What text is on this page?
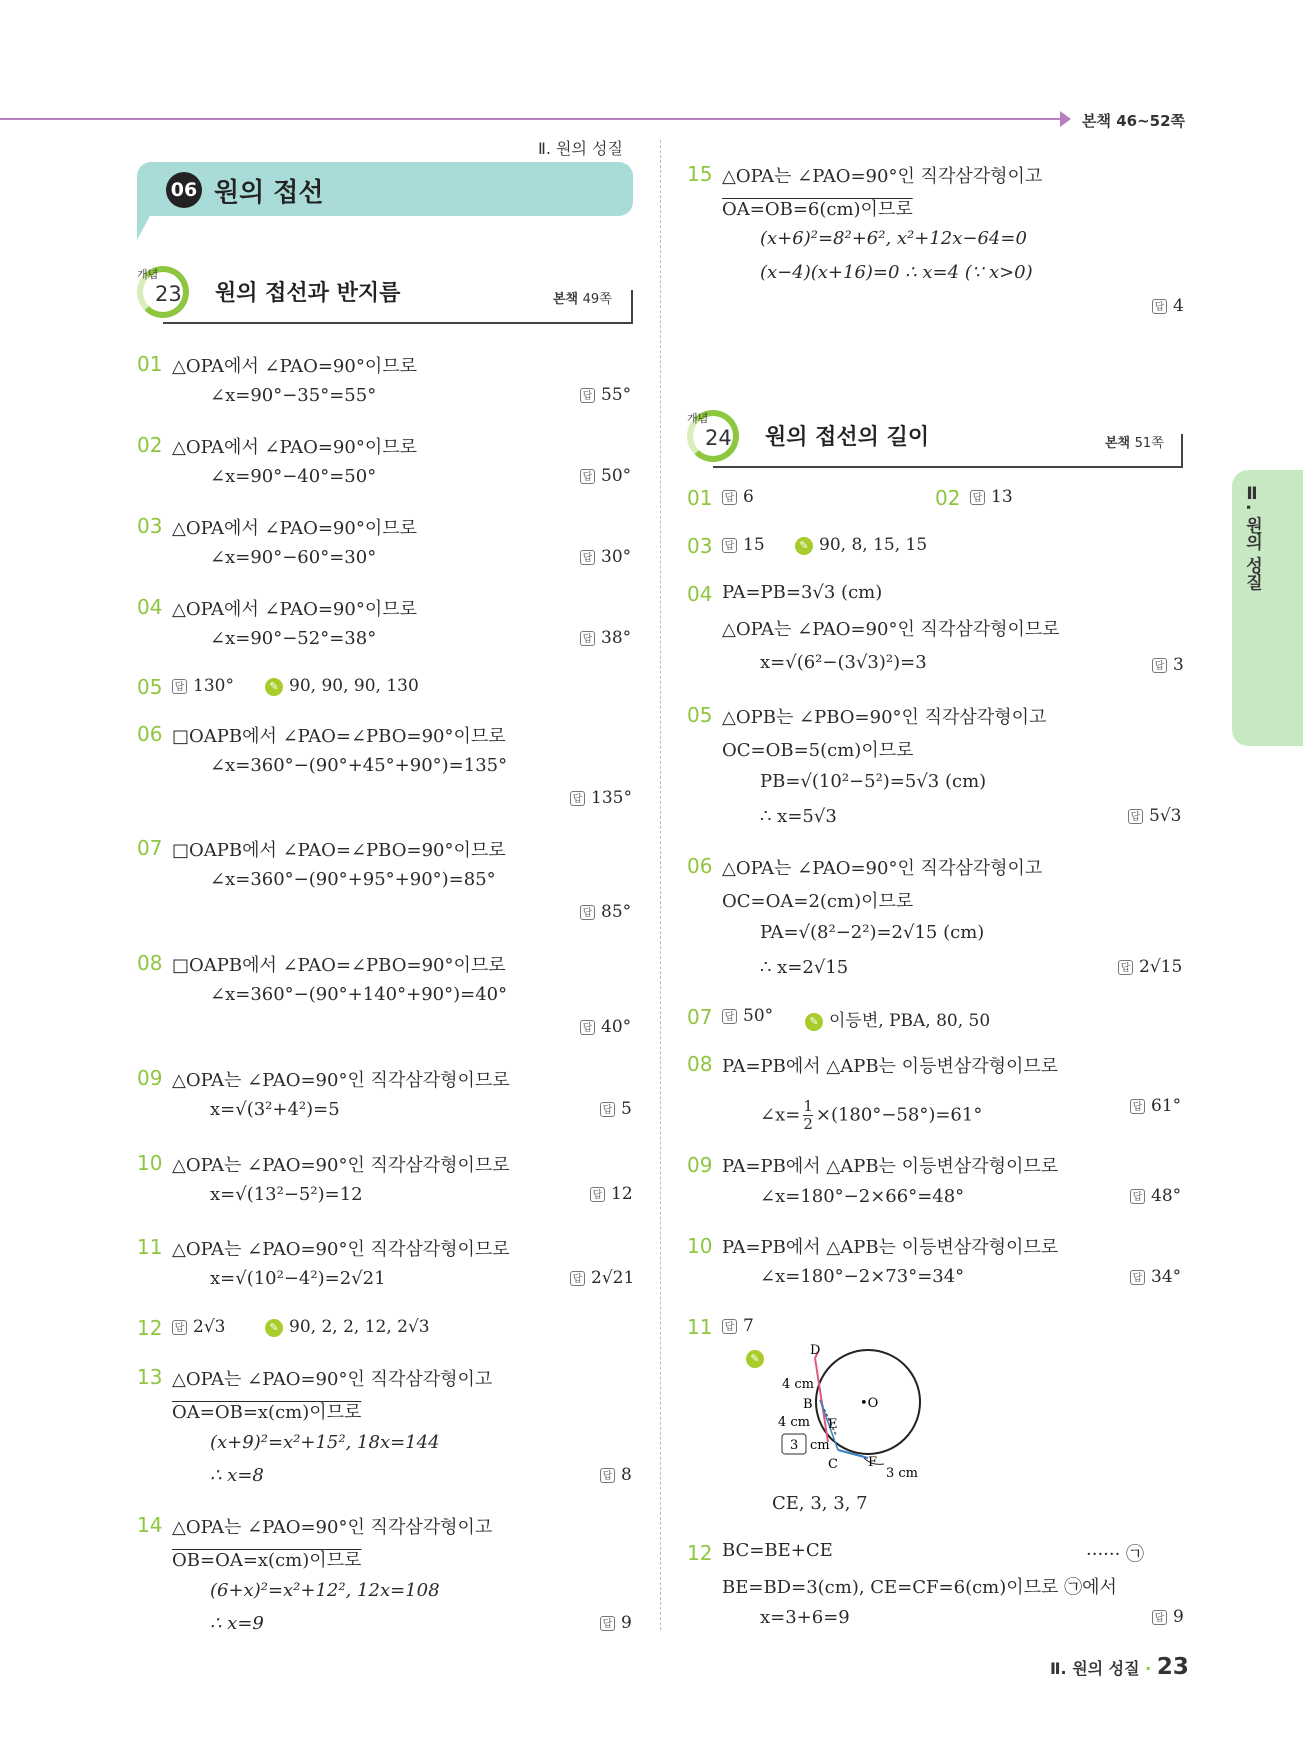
본책 46~52쪽
Ⅱ. 원의 성질
06 원의 접선
개념
23 원의 접선과 반지름	본책 49쪽
01 △OPA에서 ∠PAO=90°이므로
∠x=90°−35°=55°	답 55°
02 △OPA에서 ∠PAO=90°이므로
∠x=90°−40°=50°	답 50°
03 △OPA에서 ∠PAO=90°이므로
∠x=90°−60°=30°	답 30°
04 △OPA에서 ∠PAO=90°이므로
∠x=90°−52°=38°	답 38°
05 답 130°	✎ 90, 90, 90, 130
06 □OAPB에서 ∠PAO=∠PBO=90°이므로
∠x=360°−(90°+45°+90°)=135°
답 135°
07 □OAPB에서 ∠PAO=∠PBO=90°이므로
∠x=360°−(90°+95°+90°)=85°
답 85°
08 □OAPB에서 ∠PAO=∠PBO=90°이므로
∠x=360°−(90°+140°+90°)=40°
답 40°
09 △OPA는 ∠PAO=90°인 직각삼각형이므로
x=√(3²+4²)=5	답 5
10 △OPA는 ∠PAO=90°인 직각삼각형이므로
x=√(13²−5²)=12	답 12
11 △OPA는 ∠PAO=90°인 직각삼각형이므로
x=√(10²−4²)=2√21	답 2√21
12 답 2√3	✎ 90, 2, 2, 12, 2√3
13 △OPA는 ∠PAO=90°인 직각삼각형이고
OA=OB=x(cm)이므로
(x+9)²=x²+15², 18x=144
∴ x=8	답 8
14 △OPA는 ∠PAO=90°인 직각삼각형이고
OB=OA=x(cm)이므로
(6+x)²=x²+12², 12x=108
∴ x=9	답 9
15 △OPA는 ∠PAO=90°인 직각삼각형이고
OA=OB=6(cm)이므로
(x+6)²=8²+6², x²+12x−64=0
(x−4)(x+16)=0 ∴ x=4 (∵ x>0)
답 4
개념
24 원의 접선의 길이	본책 51쪽
01 답 6	02 답 13
03 답 15	✎ 90, 8, 15, 15
04 PA=PB=3√3 (cm)
△OPA는 ∠PAO=90°인 직각삼각형이므로
x=√(6²−(3√3)²)=3	답 3
05 △OPB는 ∠PBO=90°인 직각삼각형이고
OC=OB=5(cm)이므로
PB=√(10²−5²)=5√3 (cm)
∴ x=5√3	답 5√3
06 △OPA는 ∠PAO=90°인 직각삼각형이고
OC=OA=2(cm)이므로
PA=√(8²−2²)=2√15 (cm)
∴ x=2√15	답 2√15
07 답 50°	✎ 이등변, PBA, 80, 50
08 PA=PB에서 △APB는 이등변삼각형이므로
∠x= $\frac{1}{2} \times(180^\circ-58^\circ)=61^\circ$	답 61°
09 PA=PB에서 △APB는 이등변삼각형이므로
∠x=180°−2×66°=48°	답 48°
10 PA=PB에서 △APB는 이등변삼각형이므로
∠x=180°−2×73°=34°	답 34°
11 답 7
✎
D
4 cm
B	•O
4 cm E
3 cm
C F
3 cm
CE, 3, 3, 7
12 BC=BE+CE	······ ㉠
BE=BD=3(cm), CE=CF=6(cm)이므로 ㉠에서
x=3+6=9	답 9
Ⅱ. 원의 성질
Ⅱ. 원의 성질 · 23
